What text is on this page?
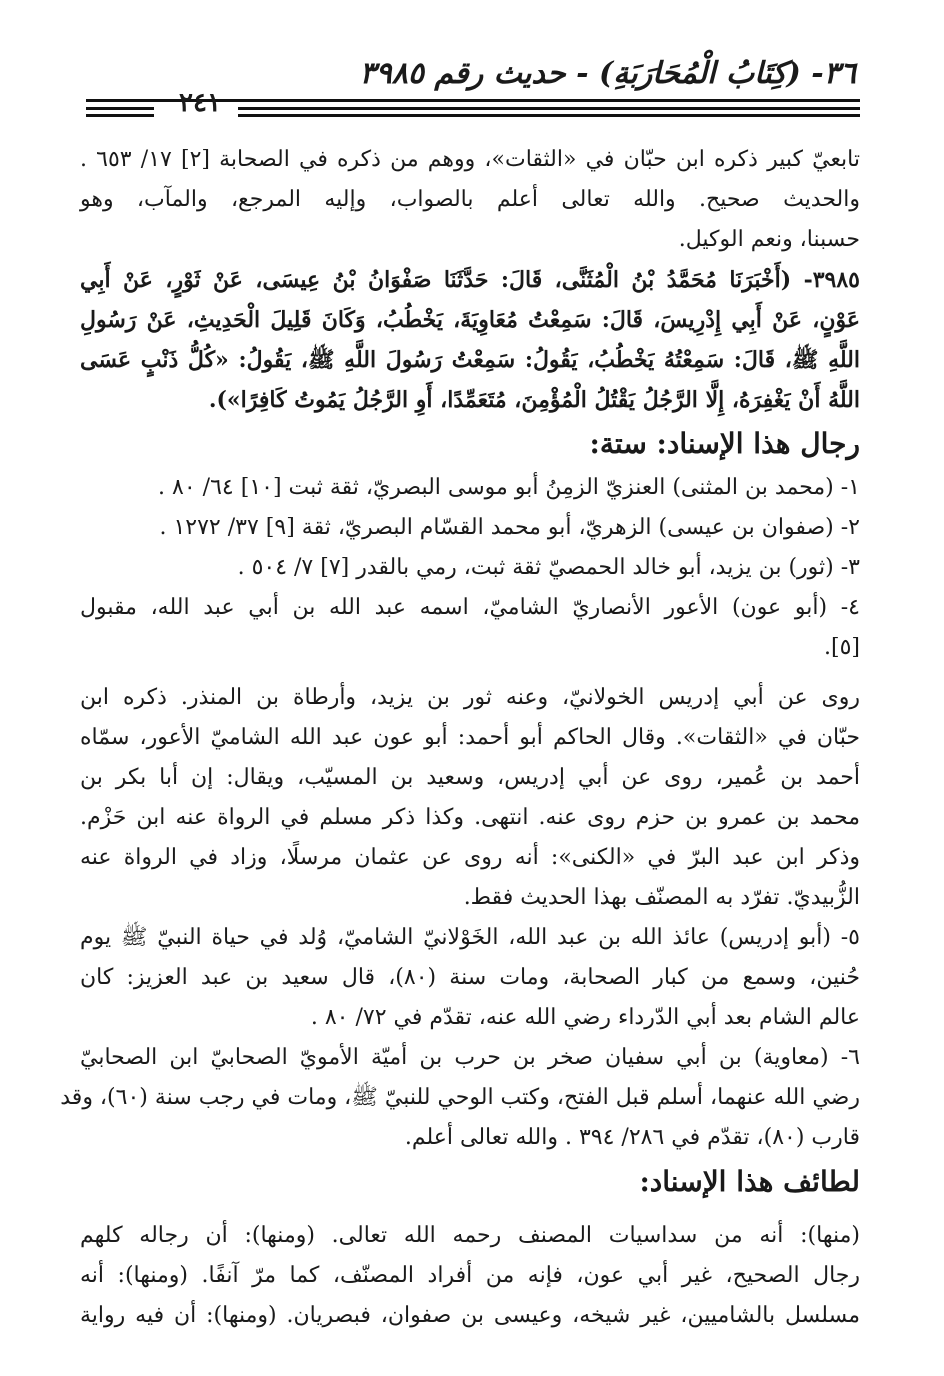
٣٦- (كِتَابُ الْمُحَارَبَةِ) - حديث رقم ٣٩٨٥
٢٤١
تابعيّ كبير ذكره ابن حبّان في «الثقات»، ووهم من ذكره في الصحابة [٢] ١٧/ ٦٥٣ .
والحديث صحيح. والله تعالى أعلم بالصواب، وإليه المرجع، والمآب، وهو
حسبنا، ونعم الوكيل.
٣٩٨٥- (أَخْبَرَنَا مُحَمَّدُ بْنُ الْمُثَنَّى، قَالَ: حَدَّثَنَا صَفْوَانُ بْنُ عِيسَى، عَنْ ثَوْرٍ، عَنْ أَبِي
عَوْنٍ، عَنْ أَبِي إِدْرِيسَ، قَالَ: سَمِعْتُ مُعَاوِيَةَ، يَخْطُبُ، وَكَانَ قَلِيلَ الْحَدِيثِ، عَنْ رَسُولِ
اللَّهِ ﷺ، قَالَ: سَمِعْتُهُ يَخْطُبُ، يَقُولُ: سَمِعْتُ رَسُولَ اللَّهِ ﷺ، يَقُولُ: «كُلُّ ذَنْبٍ عَسَى
اللَّهُ أَنْ يَغْفِرَهُ، إِلَّا الرَّجُلُ يَقْتُلُ الْمُؤْمِنَ، مُتَعَمِّدًا، أَوِ الرَّجُلُ يَمُوتُ كَافِرًا»).
رجال هذا الإسناد: ستة:
١- (محمد بن المثنى) العنزيّ الزمِنُ أبو موسى البصريّ، ثقة ثبت [١٠] ٦٤/ ٨٠ .
٢- (صفوان بن عيسى) الزهريّ، أبو محمد القسّام البصريّ، ثقة [٩] ٣٧/ ١٢٧٢ .
٣- (ثور) بن يزيد، أبو خالد الحمصيّ ثقة ثبت، رمي بالقدر [٧] ٧/ ٥٠٤ .
٤- (أبو عون) الأعور الأنصاريّ الشاميّ، اسمه عبد الله بن أبي عبد الله، مقبول
[٥].
روى عن أبي إدريس الخولانيّ، وعنه ثور بن يزيد، وأرطاة بن المنذر. ذكره ابن
حبّان في «الثقات». وقال الحاكم أبو أحمد: أبو عون عبد الله الشاميّ الأعور، سمّاه
أحمد بن عُمير، روى عن أبي إدريس، وسعيد بن المسيّب، ويقال: إن أبا بكر بن
محمد بن عمرو بن حزم روى عنه. انتهى. وكذا ذكر مسلم في الرواة عنه ابن حَزْم.
وذكر ابن عبد البرّ في «الكنى»: أنه روى عن عثمان مرسلًا، وزاد في الرواة عنه
الزُّبيديّ. تفرّد به المصنّف بهذا الحديث فقط.
٥- (أبو إدريس) عائذ الله بن عبد الله، الخَوْلانيّ الشاميّ، وُلد في حياة النبيّ ﷺ يوم
حُنين، وسمع من كبار الصحابة، ومات سنة (٨٠)، قال سعيد بن عبد العزيز: كان
عالم الشام بعد أبي الدّرداء رضي الله عنه، تقدّم في ٧٢/ ٨٠ .
٦- (معاوية) بن أبي سفيان صخر بن حرب بن أميّة الأمويّ الصحابيّ ابن الصحابيّ
رضي الله عنهما، أسلم قبل الفتح، وكتب الوحي للنبيّ ﷺ، ومات في رجب سنة (٦٠)، وقد
قارب (٨٠)، تقدّم في ٢٨٦/ ٣٩٤ . والله تعالى أعلم.
لطائف هذا الإسناد:
(منها): أنه من سداسيات المصنف رحمه الله تعالى. (ومنها): أن رجاله كلهم
رجال الصحيح، غير أبي عون، فإنه من أفراد المصنّف، كما مرّ آنفًا. (ومنها): أنه
مسلسل بالشاميين، غير شيخه، وعيسى بن صفوان، فبصريان. (ومنها): أن فيه رواية
